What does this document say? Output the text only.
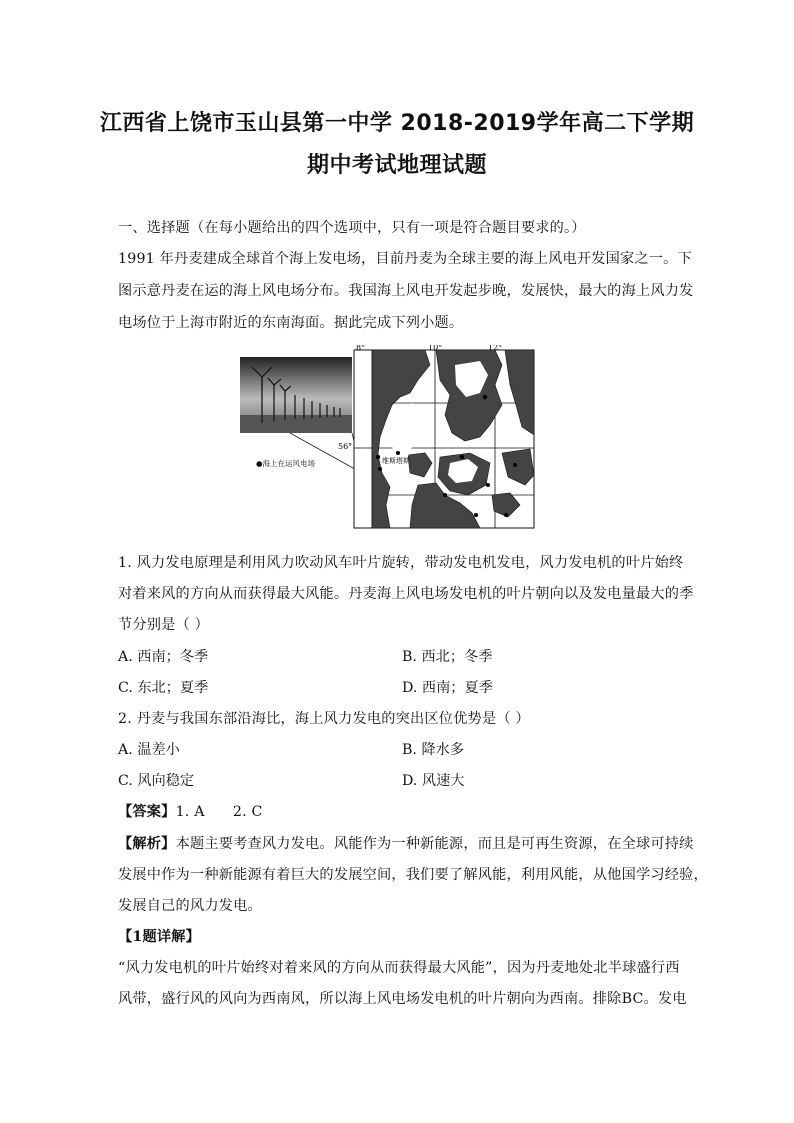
江西省上饶市玉山县第一中学 2018-2019学年高二下学期
期中考试地理试题
一、选择题（在每小题给出的四个选项中，只有一项是符合题目要求的。）
1991 年丹麦建成全球首个海上发电场，目前丹麦为全球主要的海上风电开发国家之一。下
图示意丹麦在运的海上风电场分布。我国海上风电开发起步晚，发展快，最大的海上风力发
电场位于上海市附近的东南海面。据此完成下列小题。
●海上在运风电场
8°	10°	12°
56°
维斯塔斯
1. 风力发电原理是利用风力吹动风车叶片旋转，带动发电机发电，风力发电机的叶片始终
对着来风的方向从而获得最大风能。丹麦海上风电场发电机的叶片朝向以及发电量最大的季
节分别是（ ）
A. 西南；冬季	B. 西北；冬季
C. 东北；夏季	D. 西南；夏季
2. 丹麦与我国东部沿海比，海上风力发电的突出区位优势是（ ）
A. 温差小	B. 降水多
C. 风向稳定	D. 风速大
【答案】1. A      2. C
【解析】本题主要考查风力发电。风能作为一种新能源，而且是可再生资源，在全球可持续
发展中作为一种新能源有着巨大的发展空间，我们要了解风能，利用风能，从他国学习经验，
发展自己的风力发电。
【1题详解】
“风力发电机的叶片始终对着来风的方向从而获得最大风能”，因为丹麦地处北半球盛行西
风带，盛行风的风向为西南风，所以海上风电场发电机的叶片朝向为西南。排除BC。发电
